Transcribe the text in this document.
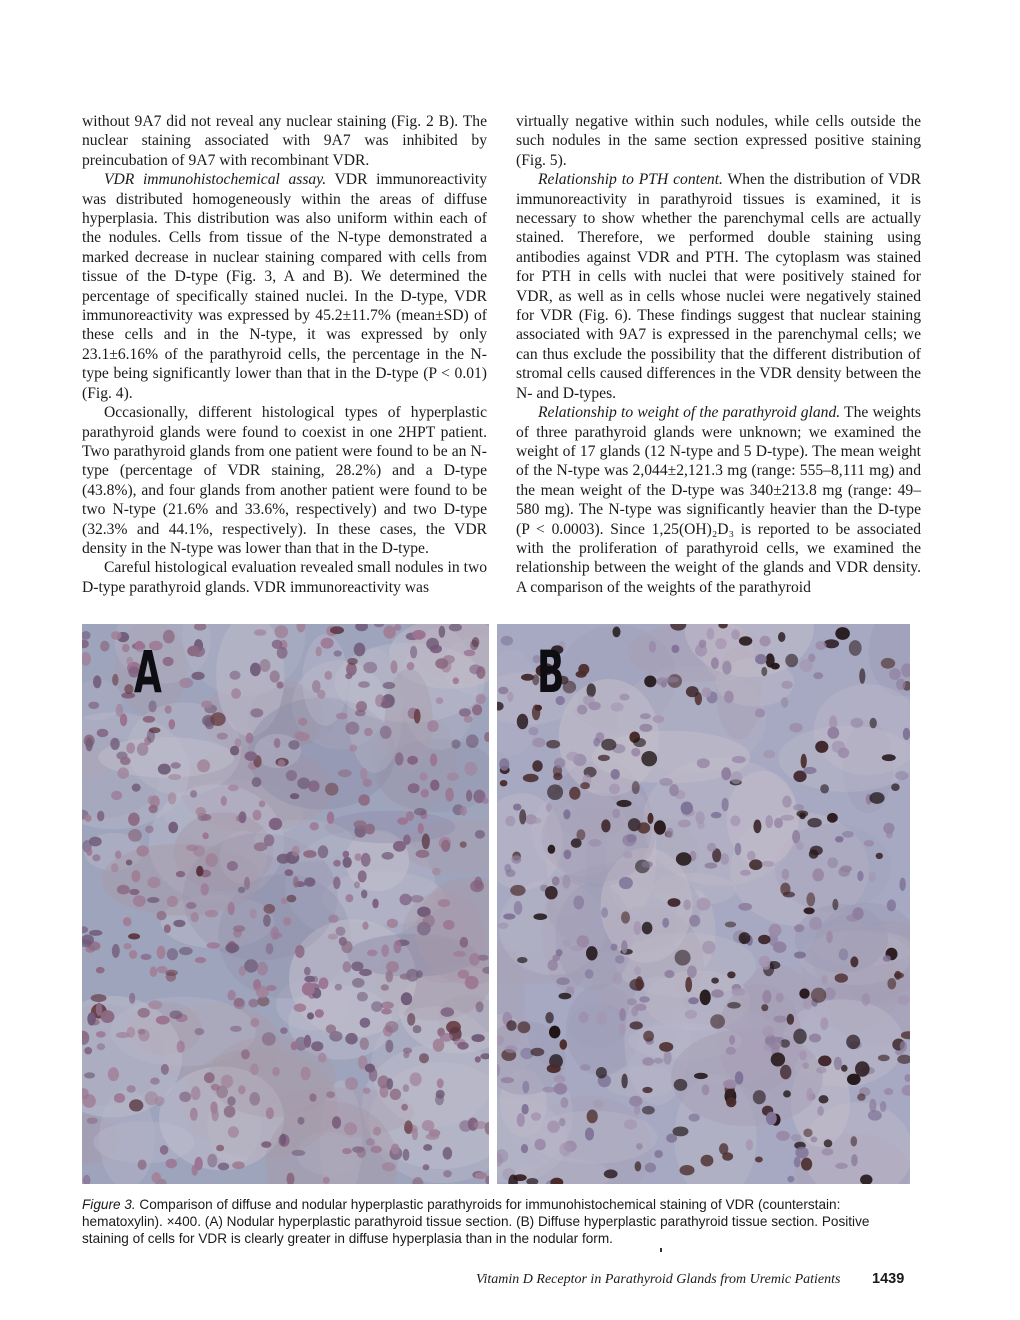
without 9A7 did not reveal any nuclear staining (Fig. 2 B). The nuclear staining associated with 9A7 was inhibited by preincubation of 9A7 with recombinant VDR.

VDR immunohistochemical assay. VDR immunoreactivity was distributed homogeneously within the areas of diffuse hyperplasia. This distribution was also uniform within each of the nodules. Cells from tissue of the N-type demonstrated a marked decrease in nuclear staining compared with cells from tissue of the D-type (Fig. 3, A and B). We determined the percentage of specifically stained nuclei. In the D-type, VDR immunoreactivity was expressed by 45.2±11.7% (mean±SD) of these cells and in the N-type, it was expressed by only 23.1±6.16% of the parathyroid cells, the percentage in the N-type being significantly lower than that in the D-type (P < 0.01) (Fig. 4).

Occasionally, different histological types of hyperplastic parathyroid glands were found to coexist in one 2HPT patient. Two parathyroid glands from one patient were found to be an N-type (percentage of VDR staining, 28.2%) and a D-type (43.8%), and four glands from another patient were found to be two N-type (21.6% and 33.6%, respectively) and two D-type (32.3% and 44.1%, respectively). In these cases, the VDR density in the N-type was lower than that in the D-type.

Careful histological evaluation revealed small nodules in two D-type parathyroid glands. VDR immunoreactivity was

virtually negative within such nodules, while cells outside the such nodules in the same section expressed positive staining (Fig. 5).

Relationship to PTH content. When the distribution of VDR immunoreactivity in parathyroid tissues is examined, it is necessary to show whether the parenchymal cells are actually stained. Therefore, we performed double staining using antibodies against VDR and PTH. The cytoplasm was stained for PTH in cells with nuclei that were positively stained for VDR, as well as in cells whose nuclei were negatively stained for VDR (Fig. 6). These findings suggest that nuclear staining associated with 9A7 is expressed in the parenchymal cells; we can thus exclude the possibility that the different distribution of stromal cells caused differences in the VDR density between the N- and D-types.

Relationship to weight of the parathyroid gland. The weights of three parathyroid glands were unknown; we examined the weight of 17 glands (12 N-type and 5 D-type). The mean weight of the N-type was 2,044±2,121.3 mg (range: 555–8,111 mg) and the mean weight of the D-type was 340±213.8 mg (range: 49–580 mg). The N-type was significantly heavier than the D-type (P < 0.0003). Since 1,25(OH)₂D₃ is reported to be associated with the proliferation of parathyroid cells, we examined the relationship between the weight of the glands and VDR density. A comparison of the weights of the parathyroid

A	B
Figure 3. Comparison of diffuse and nodular hyperplastic parathyroids for immunohistochemical staining of VDR (counterstain: hematoxylin). ×400. (A) Nodular hyperplastic parathyroid tissue section. (B) Diffuse hyperplastic parathyroid tissue section. Positive staining of cells for VDR is clearly greater in diffuse hyperplasia than in the nodular form.
Vitamin D Receptor in Parathyroid Glands from Uremic Patients 1439
